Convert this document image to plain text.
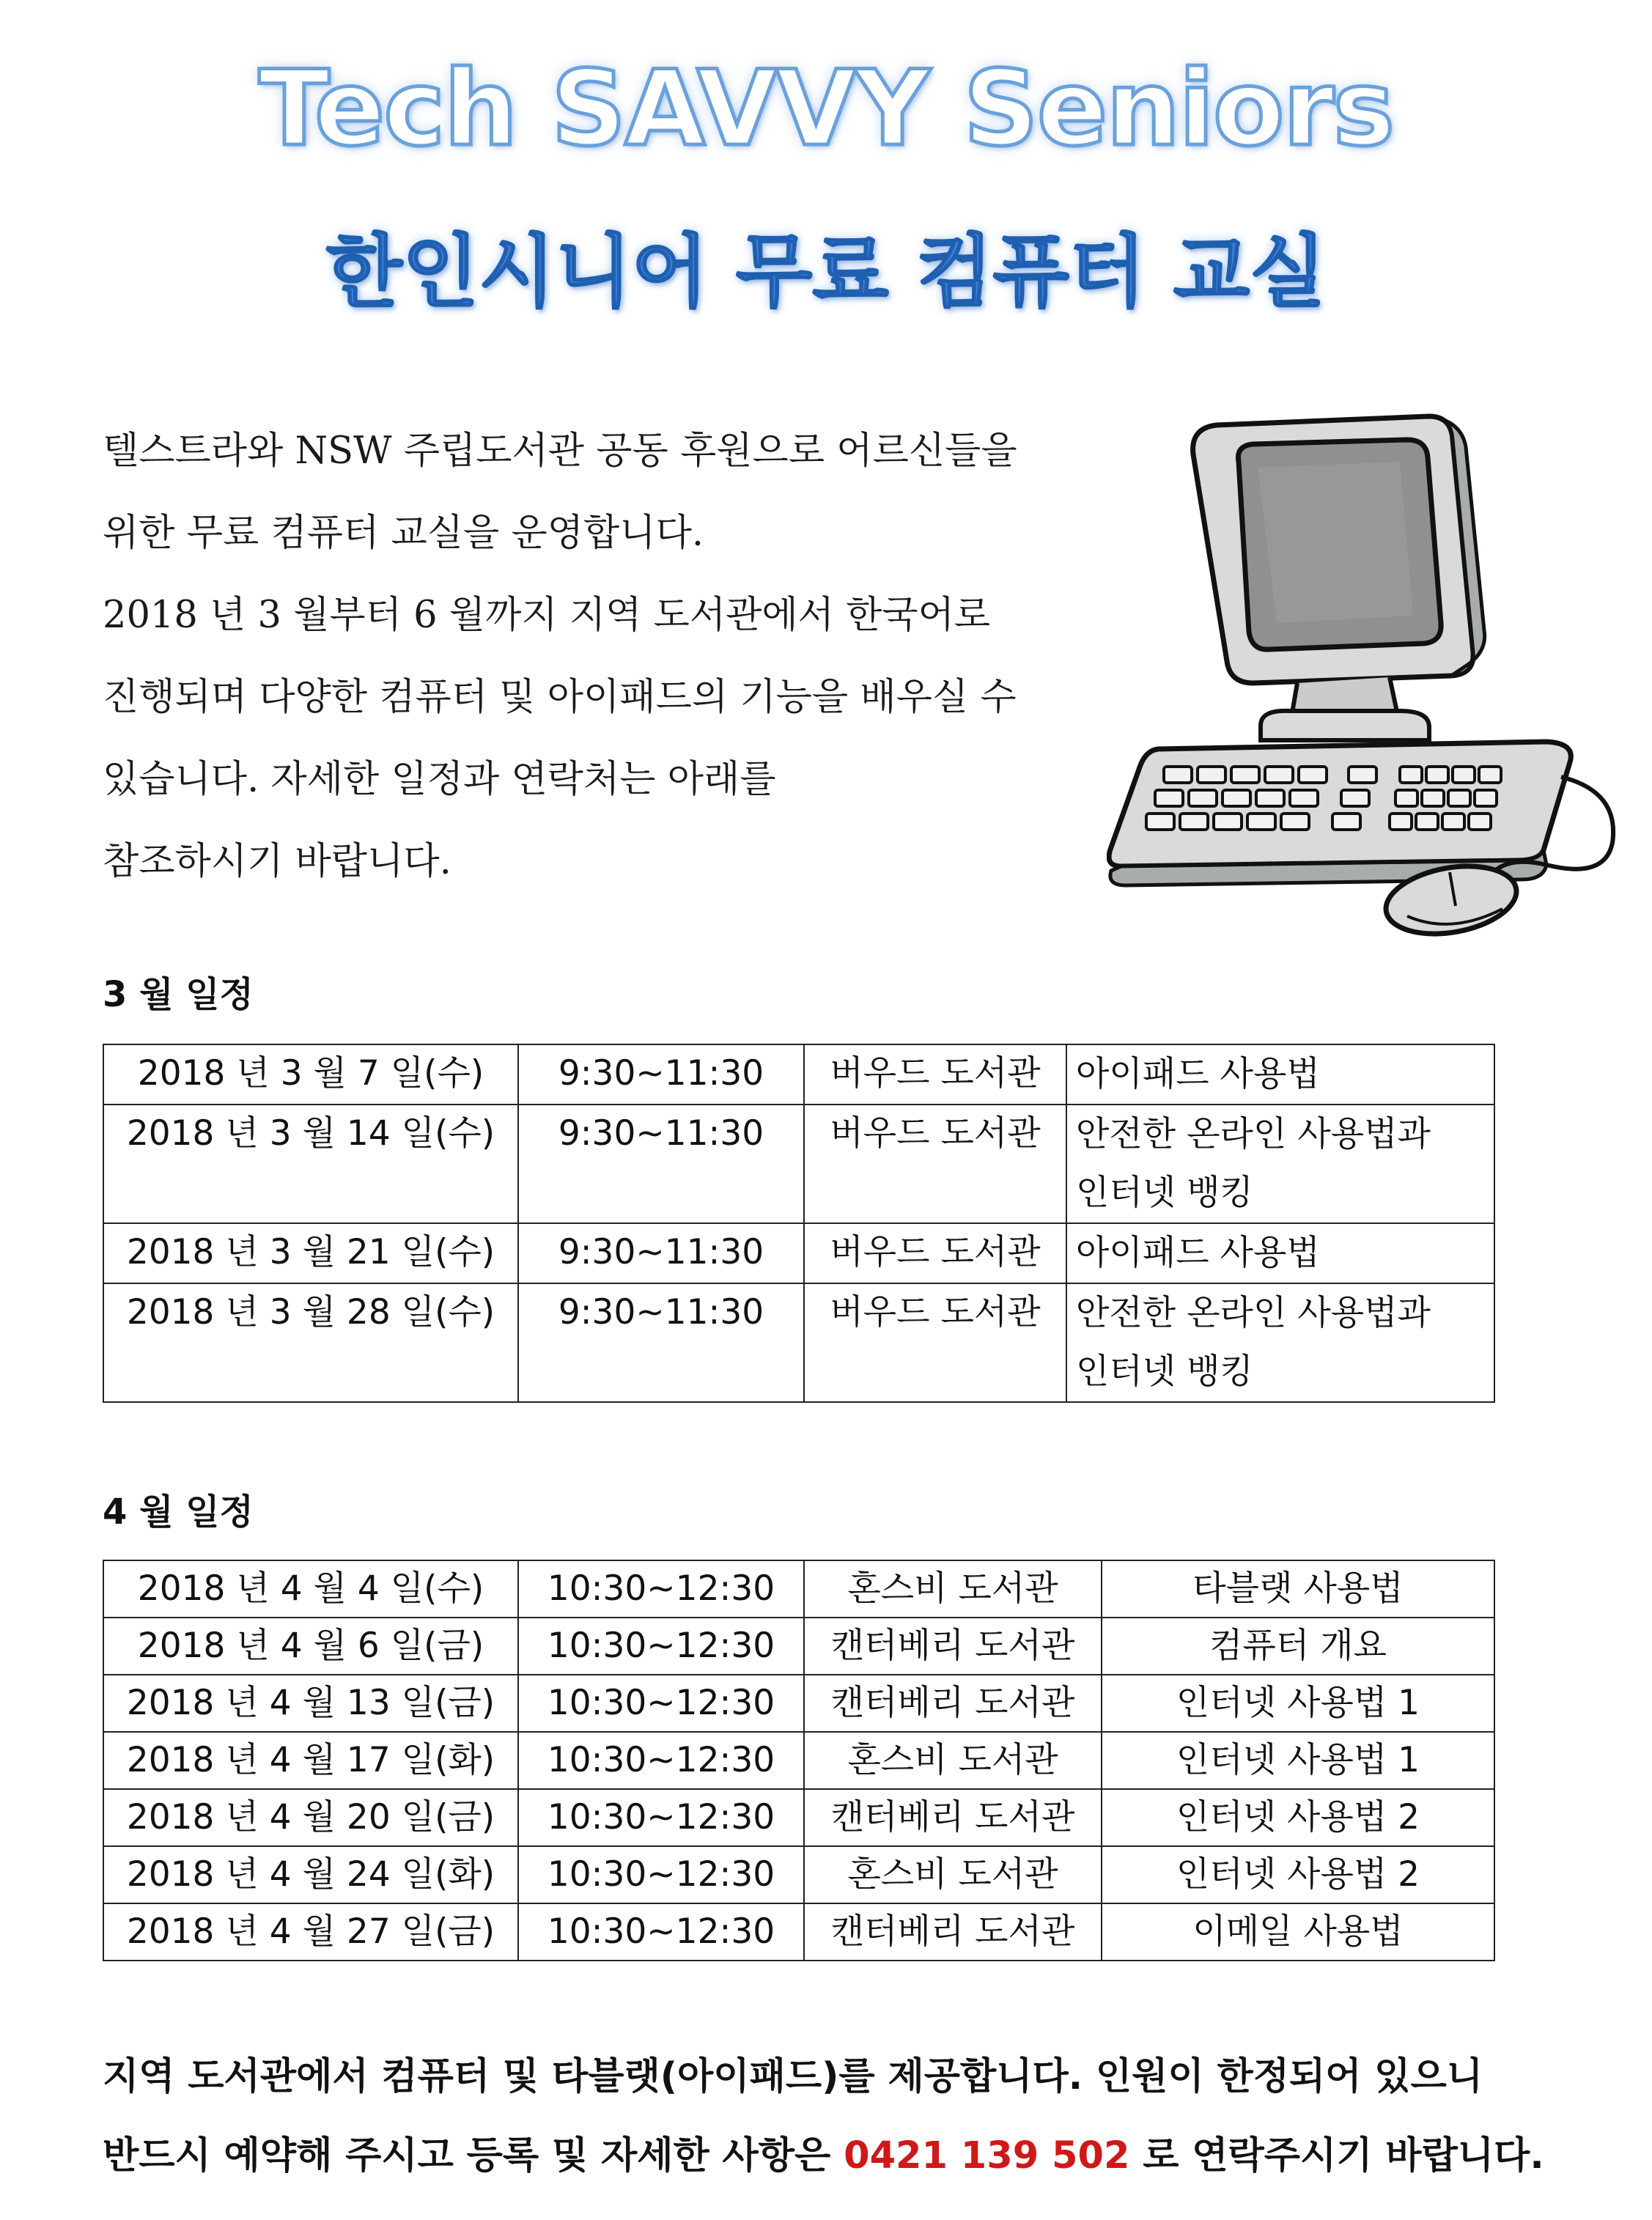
Tech SAVVY Seniors
한인시니어 무료 컴퓨터 교실
텔스트라와 NSW 주립도서관 공동 후원으로 어르신들을
위한 무료 컴퓨터 교실을 운영합니다.
2018 년 3 월부터 6 월까지 지역 도서관에서 한국어로
진행되며 다양한 컴퓨터 및 아이패드의 기능을 배우실 수
있습니다. 자세한 일정과 연락처는 아래를
참조하시기 바랍니다.
3 월 일정
2018 년 3 월 7 일(수)	9:30~11:30	버우드 도서관	아이패드 사용법

2018 년 3 월 14 일(수)	9:30~11:30	버우드 도서관	안전한 온라인 사용법과
인터넷 뱅킹

2018 년 3 월 21 일(수)	9:30~11:30	버우드 도서관	아이패드 사용법

2018 년 3 월 28 일(수)	9:30~11:30	버우드 도서관	안전한 온라인 사용법과
인터넷 뱅킹
4 월 일정
2018 년 4 월 4 일(수)	10:30~12:30	혼스비 도서관	타블랫 사용법
2018 년 4 월 6 일(금)	10:30~12:30	캔터베리 도서관	컴퓨터 개요
2018 년 4 월 13 일(금)	10:30~12:30	캔터베리 도서관	인터넷 사용법 1
2018 년 4 월 17 일(화)	10:30~12:30	혼스비 도서관	인터넷 사용법 1
2018 년 4 월 20 일(금)	10:30~12:30	캔터베리 도서관	인터넷 사용법 2
2018 년 4 월 24 일(화)	10:30~12:30	혼스비 도서관	인터넷 사용법 2
2018 년 4 월 27 일(금)	10:30~12:30	캔터베리 도서관	이메일 사용법
지역 도서관에서 컴퓨터 및 타블랫(아이패드)를 제공합니다. 인원이 한정되어 있으니
반드시 예약해 주시고 등록 및 자세한 사항은 0421 139 502 로 연락주시기 바랍니다.
